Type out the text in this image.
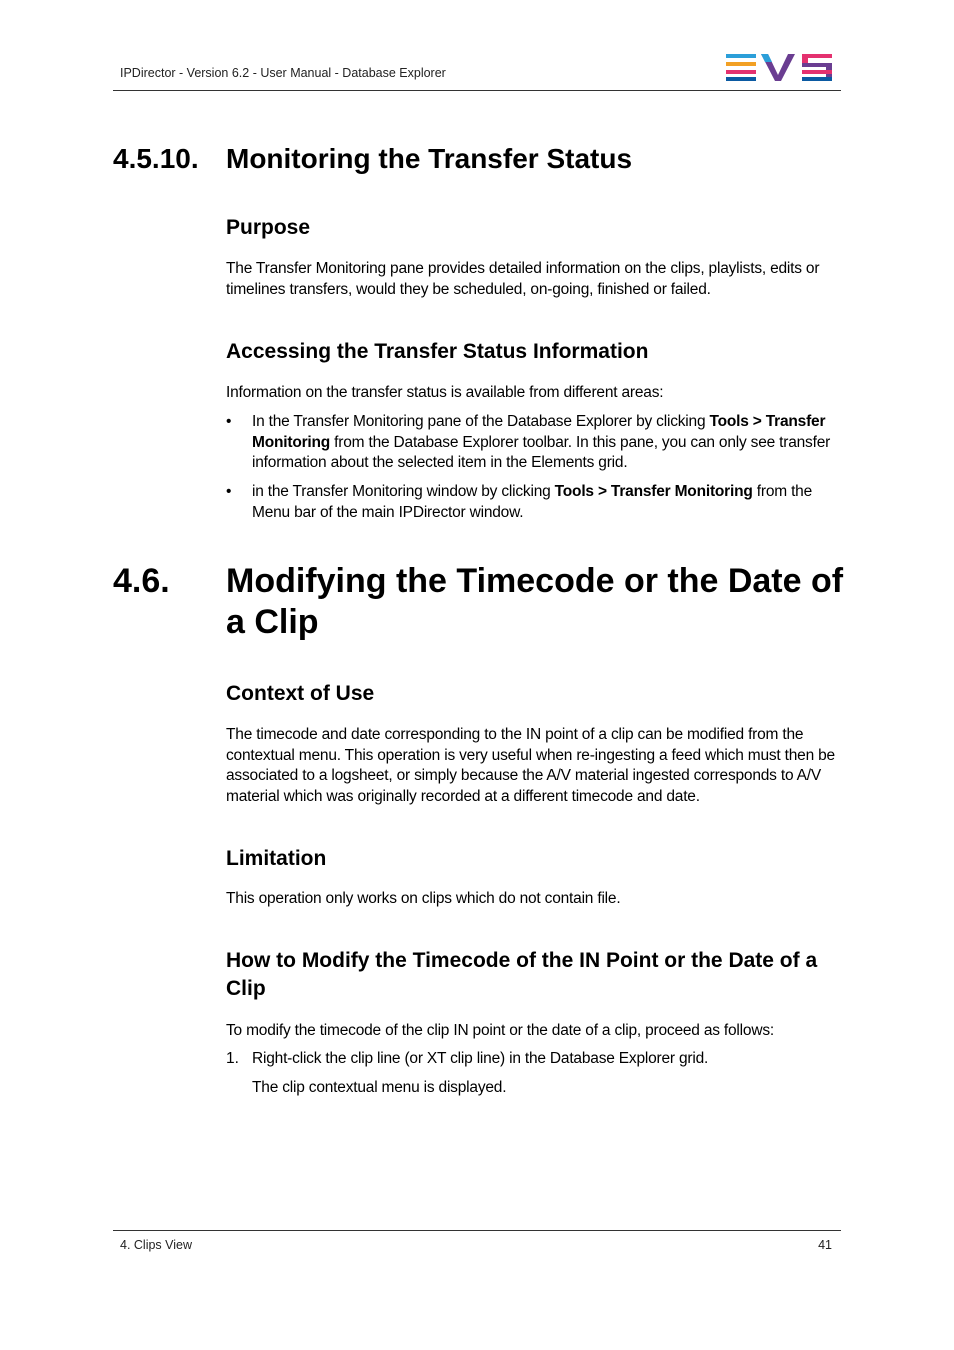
IPDirector - Version 6.2 - User Manual - Database Explorer
4.5.10. Monitoring the Transfer Status
Purpose
The Transfer Monitoring pane provides detailed information on the clips, playlists, edits or timelines transfers, would they be scheduled, on-going, finished or failed.
Accessing the Transfer Status Information
Information on the transfer status is available from different areas:
• In the Transfer Monitoring pane of the Database Explorer by clicking Tools > Transfer Monitoring from the Database Explorer toolbar. In this pane, you can only see transfer information about the selected item in the Elements grid.
• in the Transfer Monitoring window by clicking Tools > Transfer Monitoring from the Menu bar of the main IPDirector window.
4.6. Modifying the Timecode or the Date of a Clip
Context of Use
The timecode and date corresponding to the IN point of a clip can be modified from the contextual menu. This operation is very useful when re-ingesting a feed which must then be associated to a logsheet, or simply because the A/V material ingested corresponds to A/V material which was originally recorded at a different timecode and date.
Limitation
This operation only works on clips which do not contain file.
How to Modify the Timecode of the IN Point or the Date of a Clip
To modify the timecode of the clip IN point or the date of a clip, proceed as follows:
1. Right-click the clip line (or XT clip line) in the Database Explorer grid.
The clip contextual menu is displayed.
4. Clips View	41
